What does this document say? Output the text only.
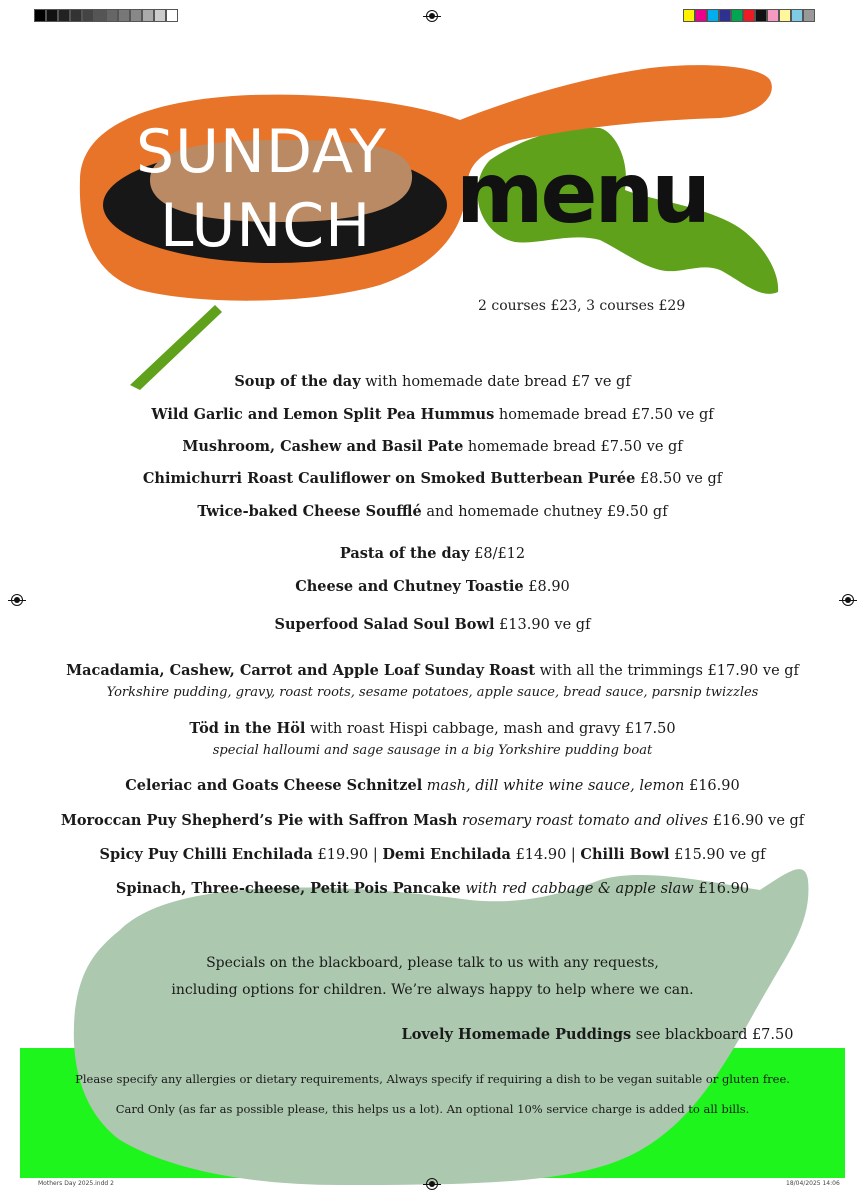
SUNDAY
LUNCH menu
2 courses £23, 3 courses £29
Soup of the day with homemade date bread £7 ve gf
Wild Garlic and Lemon Split Pea Hummus homemade bread £7.50 ve gf
Mushroom, Cashew and Basil Pate homemade bread £7.50 ve gf
Chimichurri Roast Cauliflower on Smoked Butterbean Purée £8.50 ve gf
Twice-baked Cheese Soufflé and homemade chutney £9.50 gf
Pasta of the day £8/£12
Cheese and Chutney Toastie £8.90
Superfood Salad Soul Bowl £13.90 ve gf
Macadamia, Cashew, Carrot and Apple Loaf Sunday Roast with all the trimmings £17.90 ve gf
Yorkshire pudding, gravy, roast roots, sesame potatoes, apple sauce, bread sauce, parsnip twizzles
Töd in the Höl with roast Hispi cabbage, mash and gravy £17.50
special halloumi and sage sausage in a big Yorkshire pudding boat
Celeriac and Goats Cheese Schnitzel mash, dill white wine sauce, lemon £16.90
Moroccan Puy Shepherd’s Pie with Saffron Mash rosemary roast tomato and olives £16.90 ve gf
Spicy Puy Chilli Enchilada £19.90 | Demi Enchilada £14.90 | Chilli Bowl £15.90 ve gf
Spinach, Three-cheese, Petit Pois Pancake with red cabbage & apple slaw £16.90
Specials on the blackboard, please talk to us with any requests,
including options for children. We’re always happy to help where we can.
Lovely Homemade Puddings see blackboard £7.50
Please specify any allergies or dietary requirements, Always specify if requiring a dish to be vegan suitable or gluten free.
Card Only (as far as possible please, this helps us a lot). An optional 10% service charge is added to all bills.
Mothers Day 2025.indd 2	18/04/2025 14:06
